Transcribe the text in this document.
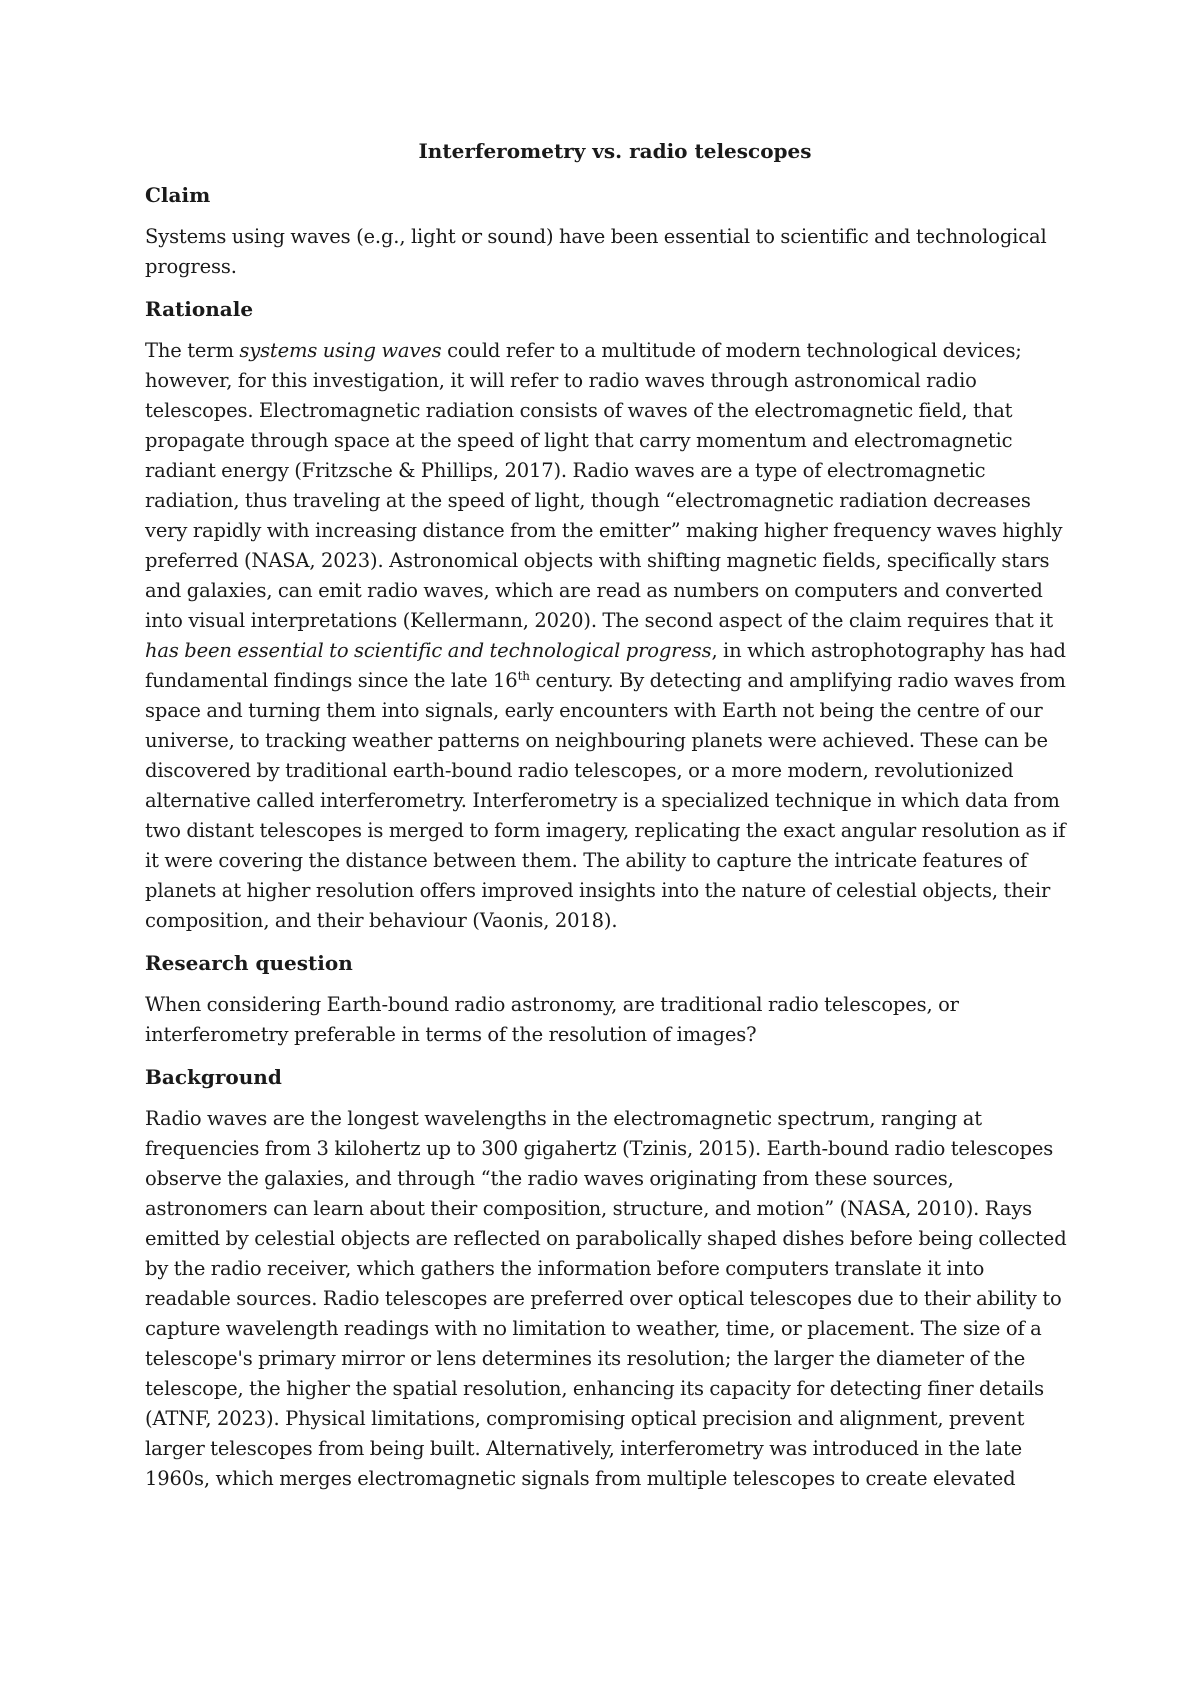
Interferometry vs. radio telescopes
Claim

Systems using waves (e.g., light or sound) have been essential to scientific and technological progress.

Rationale

The term systems using waves could refer to a multitude of modern technological devices; however, for this investigation, it will refer to radio waves through astronomical radio telescopes. Electromagnetic radiation consists of waves of the electromagnetic field, that propagate through space at the speed of light that carry momentum and electromagnetic radiant energy (Fritzsche & Phillips, 2017). Radio waves are a type of electromagnetic radiation, thus traveling at the speed of light, though “electromagnetic radiation decreases very rapidly with increasing distance from the emitter” making higher frequency waves highly preferred (NASA, 2023). Astronomical objects with shifting magnetic fields, specifically stars and galaxies, can emit radio waves, which are read as numbers on computers and converted into visual interpretations (Kellermann, 2020). The second aspect of the claim requires that it has been essential to scientific and technological progress, in which astrophotography has had fundamental findings since the late 16th century. By detecting and amplifying radio waves from space and turning them into signals, early encounters with Earth not being the centre of our universe, to tracking weather patterns on neighbouring planets were achieved. These can be discovered by traditional earth-bound radio telescopes, or a more modern, revolutionized alternative called interferometry. Interferometry is a specialized technique in which data from two distant telescopes is merged to form imagery, replicating the exact angular resolution as if it were covering the distance between them. The ability to capture the intricate features of planets at higher resolution offers improved insights into the nature of celestial objects, their composition, and their behaviour (Vaonis, 2018).

Research question

When considering Earth-bound radio astronomy, are traditional radio telescopes, or interferometry preferable in terms of the resolution of images?

Background

Radio waves are the longest wavelengths in the electromagnetic spectrum, ranging at frequencies from 3 kilohertz up to 300 gigahertz (Tzinis, 2015). Earth-bound radio telescopes observe the galaxies, and through “the radio waves originating from these sources, astronomers can learn about their composition, structure, and motion” (NASA, 2010). Rays emitted by celestial objects are reflected on parabolically shaped dishes before being collected by the radio receiver, which gathers the information before computers translate it into readable sources. Radio telescopes are preferred over optical telescopes due to their ability to capture wavelength readings with no limitation to weather, time, or placement. The size of a telescope's primary mirror or lens determines its resolution; the larger the diameter of the telescope, the higher the spatial resolution, enhancing its capacity for detecting finer details (ATNF, 2023). Physical limitations, compromising optical precision and alignment, prevent larger telescopes from being built. Alternatively, interferometry was introduced in the late 1960s, which merges electromagnetic signals from multiple telescopes to create elevated
